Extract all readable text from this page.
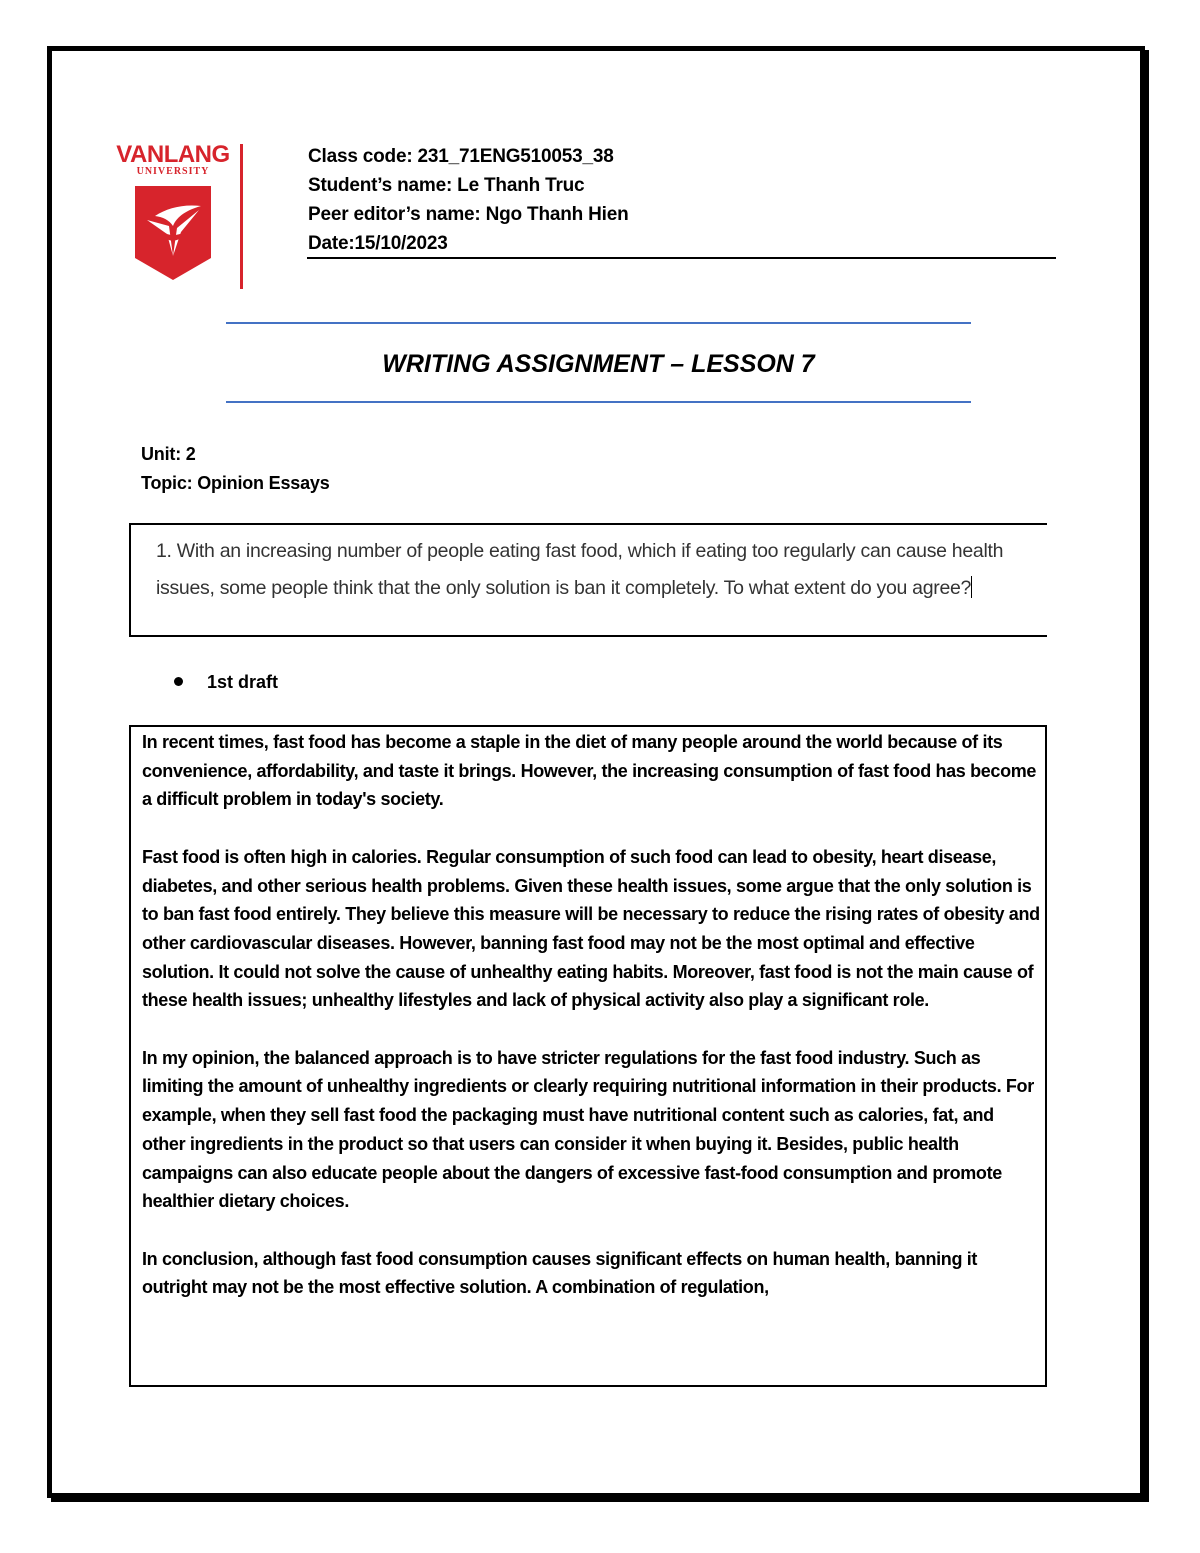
VANLANG
UNIVERSITY
Class code: 231_71ENG510053_38
Student’s name: Le Thanh Truc
Peer editor’s name: Ngo Thanh Hien
Date:15/10/2023
WRITING ASSIGNMENT – LESSON 7
Unit: 2
Topic: Opinion Essays
1. With an increasing number of people eating fast food, which if eating too regularly can cause health issues, some people think that the only solution is ban it completely. To what extent do you agree?
1st draft

In recent times, fast food has become a staple in the diet of many people around the world because of its convenience, affordability, and taste it brings. However, the increasing consumption of fast food has become a difficult problem in today's society.

Fast food is often high in calories. Regular consumption of such food can lead to obesity, heart disease, diabetes, and other serious health problems. Given these health issues, some argue that the only solution is to ban fast food entirely. They believe this measure will be necessary to reduce the rising rates of obesity and other cardiovascular diseases. However, banning fast food may not be the most optimal and effective solution. It could not solve the cause of unhealthy eating habits. Moreover, fast food is not the main cause of these health issues; unhealthy lifestyles and lack of physical activity also play a significant role.

In my opinion, the balanced approach is to have stricter regulations for the fast food industry. Such as limiting the amount of unhealthy ingredients or clearly requiring nutritional information in their products. For example, when they sell fast food the packaging must have nutritional content such as calories, fat, and other ingredients in the product so that users can consider it when buying it. Besides, public health campaigns can also educate people about the dangers of excessive fast-food consumption and promote healthier dietary choices.

In conclusion, although fast food consumption causes significant effects on human health, banning it outright may not be the most effective solution. A combination of regulation,
